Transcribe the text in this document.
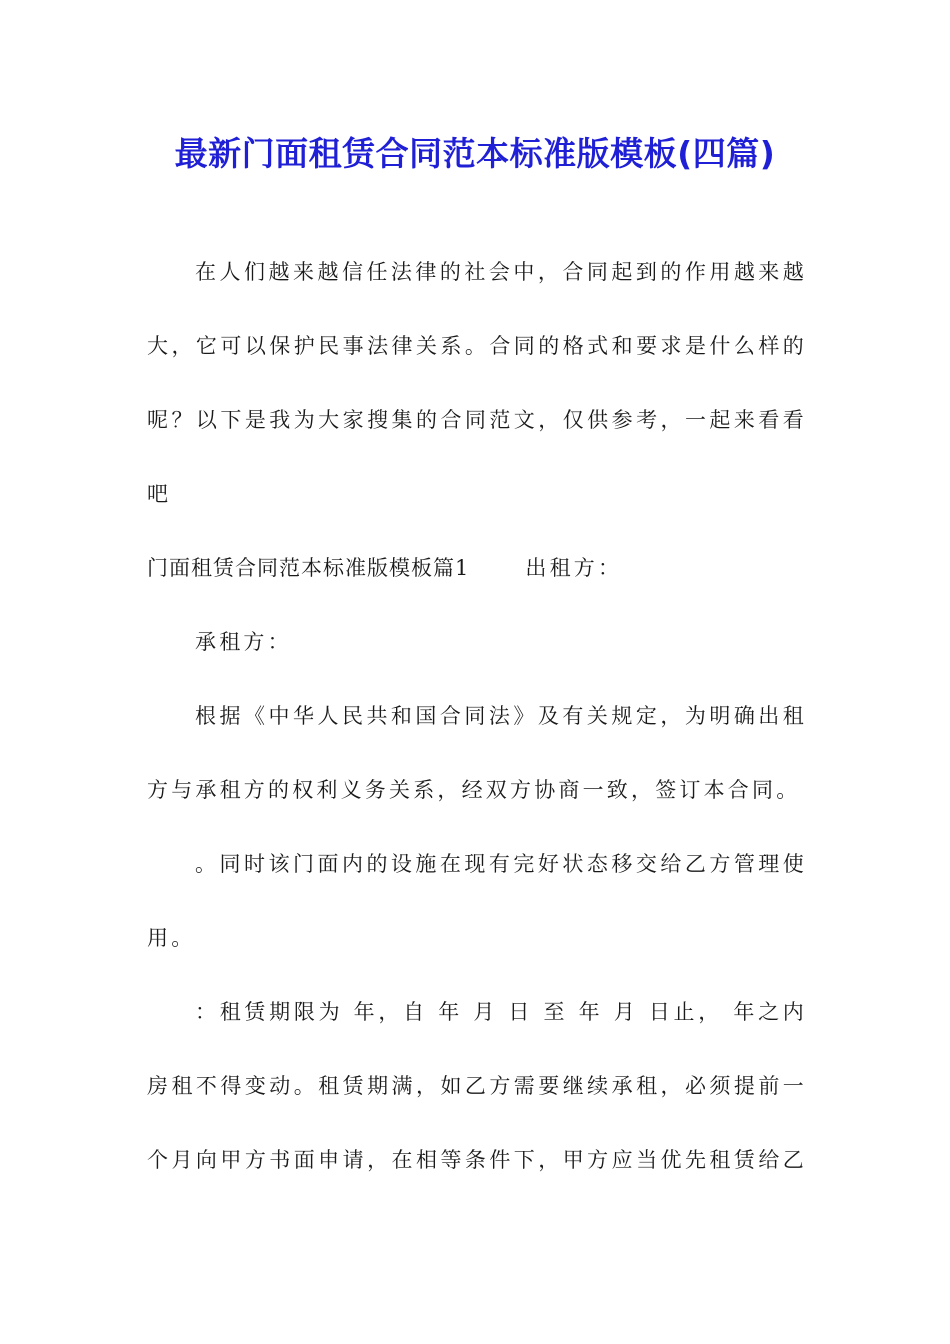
最新门面租赁合同范本标准版模板(四篇)
在人们越来越信任法律的社会中，合同起到的作用越来越
大，它可以保护民事法律关系。合同的格式和要求是什么样的
呢？以下是我为大家搜集的合同范文，仅供参考，一起来看看
吧
门面租赁合同范本标准版模板篇1	出租方：
承租方：
根据《中华人民共和国合同法》及有关规定，为明确出租
方与承租方的权利义务关系，经双方协商一致，签订本合同。
。同时该门面内的设施在现有完好状态移交给乙方管理使
用。
：租赁期限为 年，自 年 月 日 至 年 月 日止， 年之内
房租不得变动。租赁期满，如乙方需要继续承租，必须提前一
个月向甲方书面申请，在相等条件下，甲方应当优先租赁给乙
